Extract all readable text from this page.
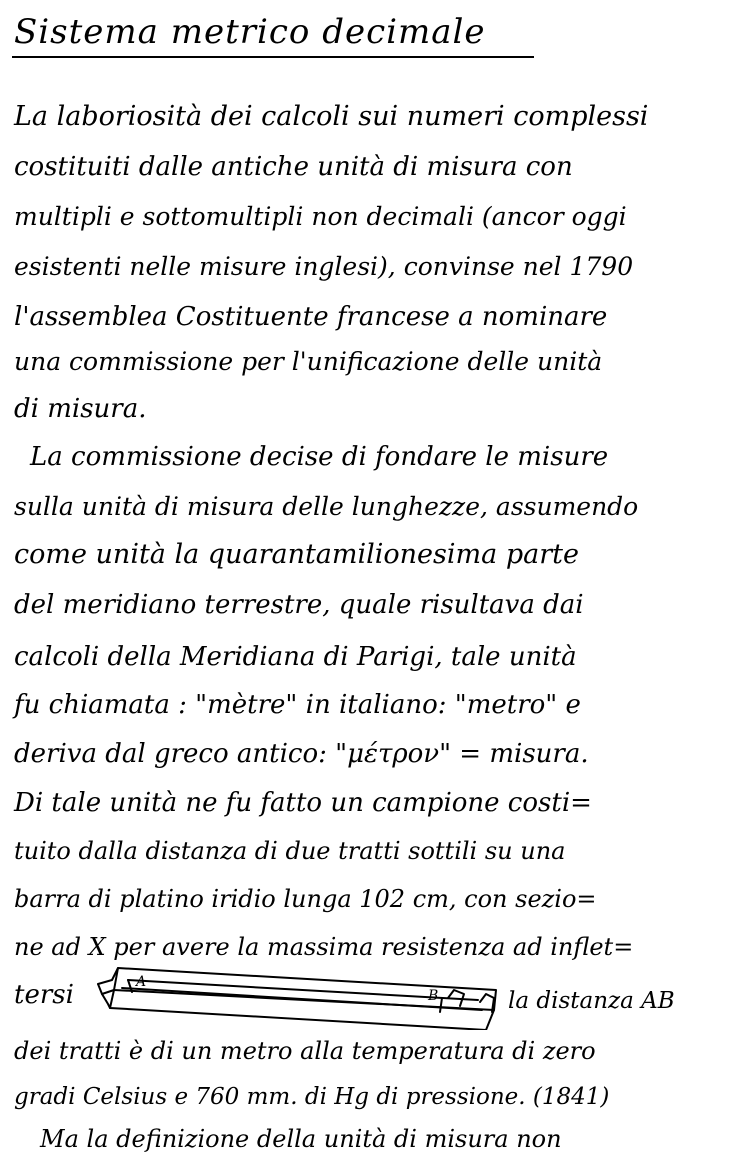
Sistema metrico decimale
La laboriosità dei calcoli sui numeri complessi
costituiti dalle antiche unità di misura con
multipli e sottomultipli non decimali (ancor oggi
esistenti nelle misure inglesi), convinse nel 1790
l'assemblea Costituente francese a nominare
una commissione per l'unificazione delle unità
di misura.
La commissione decise di fondare le misure
sulla unità di misura delle lunghezze, assumendo
come unità la quarantamilionesima parte
del meridiano terrestre, quale risultava dai
calcoli della Meridiana di Parigi, tale unità
fu chiamata : "mètre" in italiano: "metro" e
deriva dal greco antico: "μέτρον" = misura.
Di tale unità ne fu fatto un campione costi=
tuito dalla distanza di due tratti sottili su una
barra di platino iridio lunga 102 cm, con sezio=
ne ad X per avere la massima resistenza ad inflet=
tersi	A
B	la distanza AB
dei tratti è di un metro alla temperatura di zero
gradi Celsius e 760 mm. di Hg di pressione. (1841)
Ma la definizione della unità di misura non
